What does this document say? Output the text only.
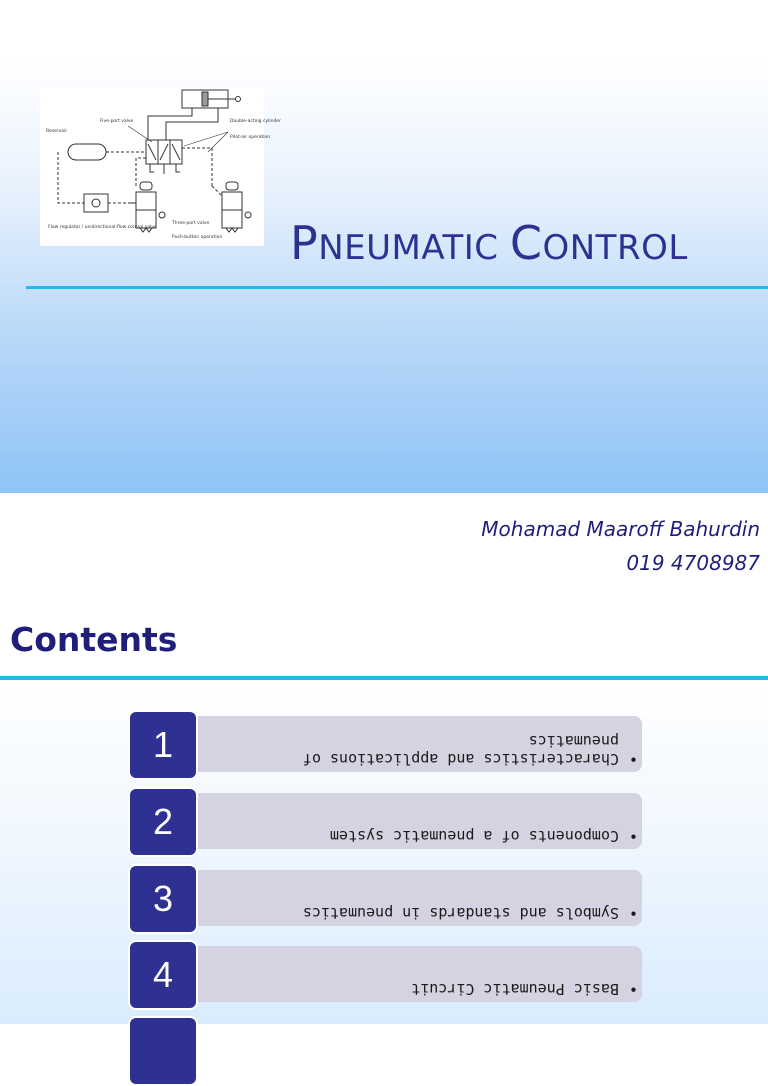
Reservoir
Five-port valve	Double-acting cylinder
Pilot-air operation
Flow regulator / unidirectional-flow control valve
Three-port valve
Push-button operation PNEUMATIC CONTROL
Mohamad Maaroff Bahurdin
019 4708987
Contents
1	•
Characteristics and applications of pneumatics
2	•
Components of a pneumatic system
3	•
Symbols and standards in pneumatics
4	•
Basic Pneumatic Circuit
